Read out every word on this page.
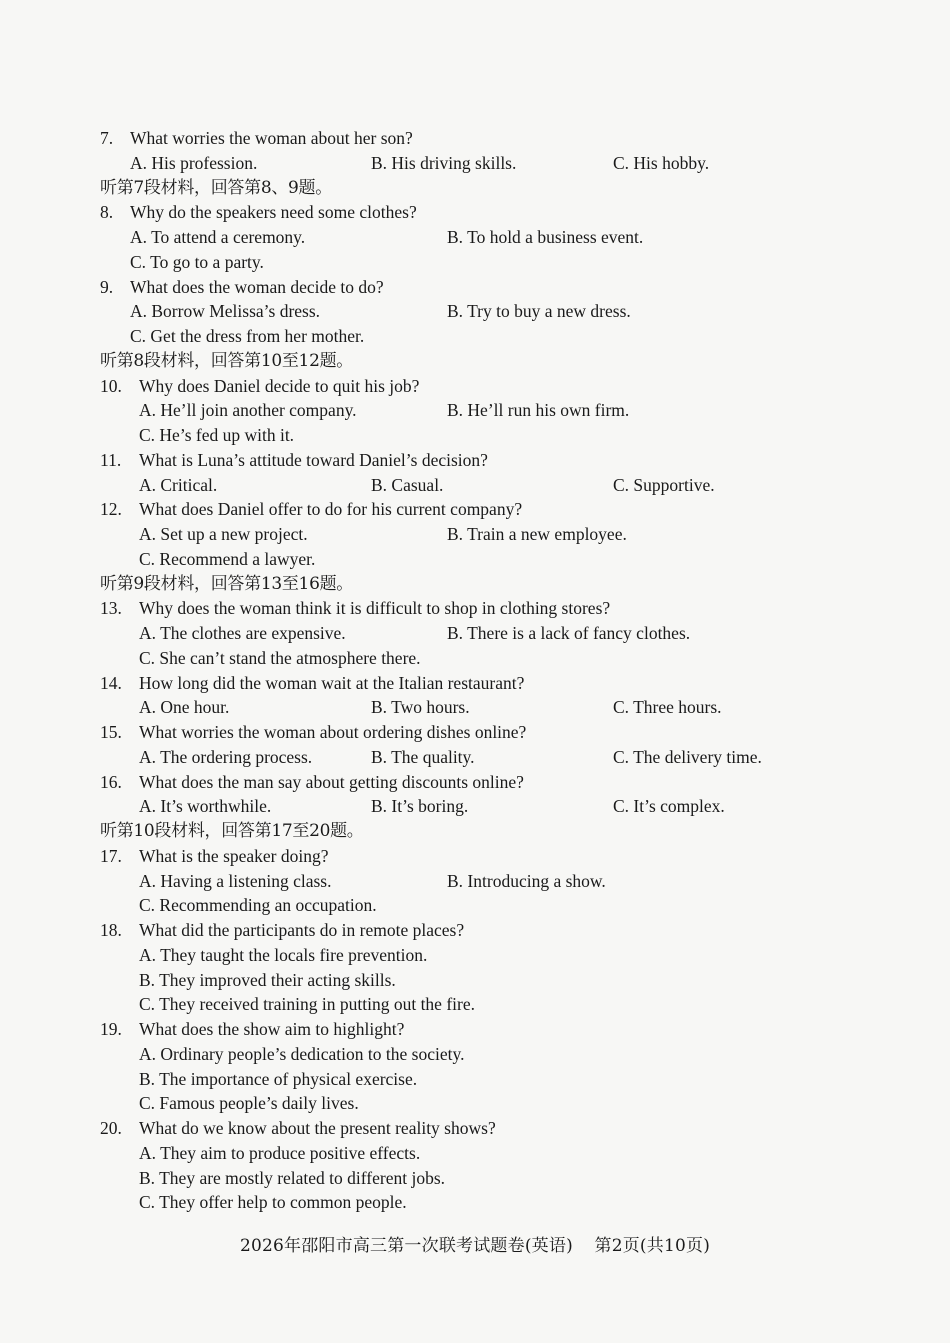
7. What worries the woman about her son?
A. His profession.	B. His driving skills.	C. His hobby.
听第7段材料，回答第8、9题。
8. Why do the speakers need some clothes?
A. To attend a ceremony.	B. To hold a business event.
C. To go to a party.
9. What does the woman decide to do?
A. Borrow Melissa’s dress.	B. Try to buy a new dress.
C. Get the dress from her mother.
听第8段材料，回答第10至12题。
10. Why does Daniel decide to quit his job?
A. He’ll join another company.	B. He’ll run his own firm.
C. He’s fed up with it.
11. What is Luna’s attitude toward Daniel’s decision?
A. Critical.	B. Casual.	C. Supportive.
12. What does Daniel offer to do for his current company?
A. Set up a new project.	B. Train a new employee.
C. Recommend a lawyer.
听第9段材料，回答第13至16题。
13. Why does the woman think it is difficult to shop in clothing stores?
A. The clothes are expensive.	B. There is a lack of fancy clothes.
C. She can’t stand the atmosphere there.
14. How long did the woman wait at the Italian restaurant?
A. One hour.	B. Two hours.	C. Three hours.
15. What worries the woman about ordering dishes online?
A. The ordering process.	B. The quality.	C. The delivery time.
16. What does the man say about getting discounts online?
A. It’s worthwhile.	B. It’s boring.	C. It’s complex.
听第10段材料，回答第17至20题。
17. What is the speaker doing?
A. Having a listening class.	B. Introducing a show.
C. Recommending an occupation.
18. What did the participants do in remote places?
A. They taught the locals fire prevention.
B. They improved their acting skills.
C. They received training in putting out the fire.
19. What does the show aim to highlight?
A. Ordinary people’s dedication to the society.
B. The importance of physical exercise.
C. Famous people’s daily lives.
20. What do we know about the present reality shows?
A. They aim to produce positive effects.
B. They are mostly related to different jobs.
C. They offer help to common people.
2026年邵阳市高三第一次联考试题卷(英语) 第2页(共10页)
